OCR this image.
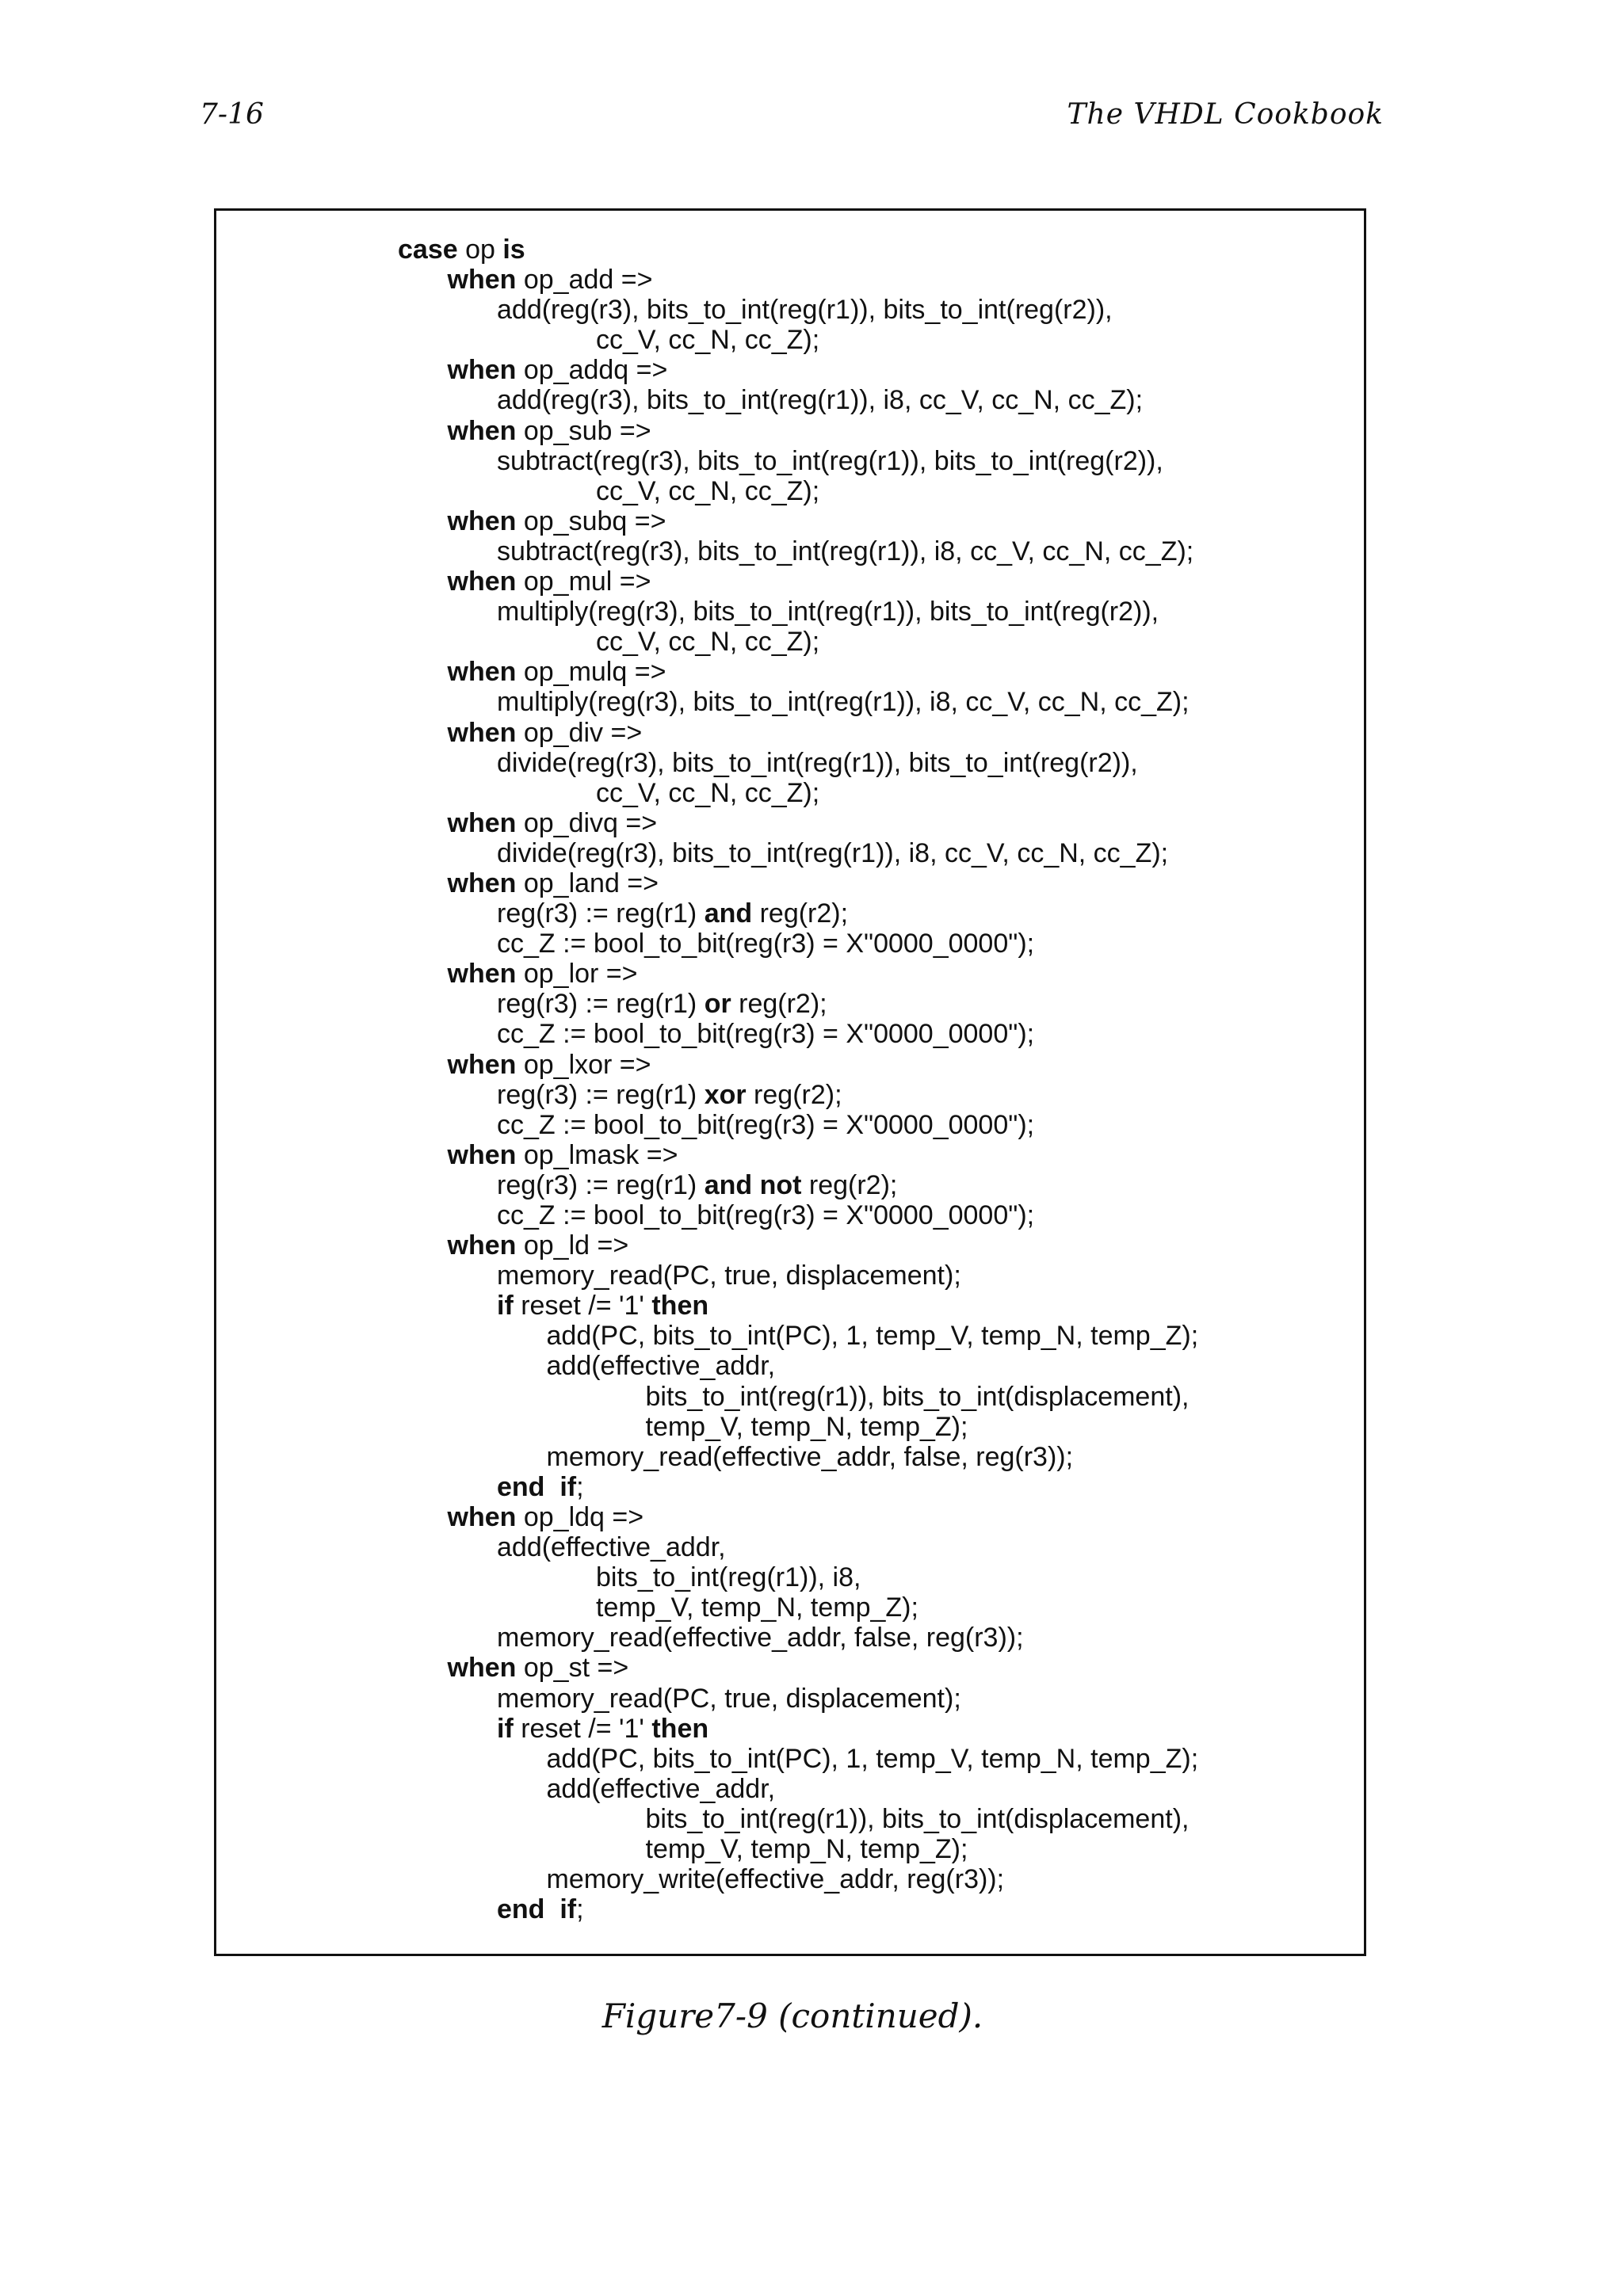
7-16	The VHDL Cookbook
case op is
when op_add =>
add(reg(r3), bits_to_int(reg(r1)), bits_to_int(reg(r2)),
cc_V, cc_N, cc_Z);
when op_addq =>
add(reg(r3), bits_to_int(reg(r1)), i8, cc_V, cc_N, cc_Z);
when op_sub =>
subtract(reg(r3), bits_to_int(reg(r1)), bits_to_int(reg(r2)),
cc_V, cc_N, cc_Z);
when op_subq =>
subtract(reg(r3), bits_to_int(reg(r1)), i8, cc_V, cc_N, cc_Z);
when op_mul =>
multiply(reg(r3), bits_to_int(reg(r1)), bits_to_int(reg(r2)),
cc_V, cc_N, cc_Z);
when op_mulq =>
multiply(reg(r3), bits_to_int(reg(r1)), i8, cc_V, cc_N, cc_Z);
when op_div =>
divide(reg(r3), bits_to_int(reg(r1)), bits_to_int(reg(r2)),
cc_V, cc_N, cc_Z);
when op_divq =>
divide(reg(r3), bits_to_int(reg(r1)), i8, cc_V, cc_N, cc_Z);
when op_land =>
reg(r3) := reg(r1) and reg(r2);
cc_Z := bool_to_bit(reg(r3) = X"0000_0000");
when op_lor =>
reg(r3) := reg(r1) or reg(r2);
cc_Z := bool_to_bit(reg(r3) = X"0000_0000");
when op_lxor =>
reg(r3) := reg(r1) xor reg(r2);
cc_Z := bool_to_bit(reg(r3) = X"0000_0000");
when op_lmask =>
reg(r3) := reg(r1) and not reg(r2);
cc_Z := bool_to_bit(reg(r3) = X"0000_0000");
when op_ld =>
memory_read(PC, true, displacement);
if reset /= '1' then
add(PC, bits_to_int(PC), 1, temp_V, temp_N, temp_Z);
add(effective_addr,
bits_to_int(reg(r1)), bits_to_int(displacement),
temp_V, temp_N, temp_Z);
memory_read(effective_addr, false, reg(r3));
end  if;
when op_ldq =>
add(effective_addr,
bits_to_int(reg(r1)), i8,
temp_V, temp_N, temp_Z);
memory_read(effective_addr, false, reg(r3));
when op_st =>
memory_read(PC, true, displacement);
if reset /= '1' then
add(PC, bits_to_int(PC), 1, temp_V, temp_N, temp_Z);
add(effective_addr,
bits_to_int(reg(r1)), bits_to_int(displacement),
temp_V, temp_N, temp_Z);
memory_write(effective_addr, reg(r3));
end  if;
Figure7-9 (continued).
